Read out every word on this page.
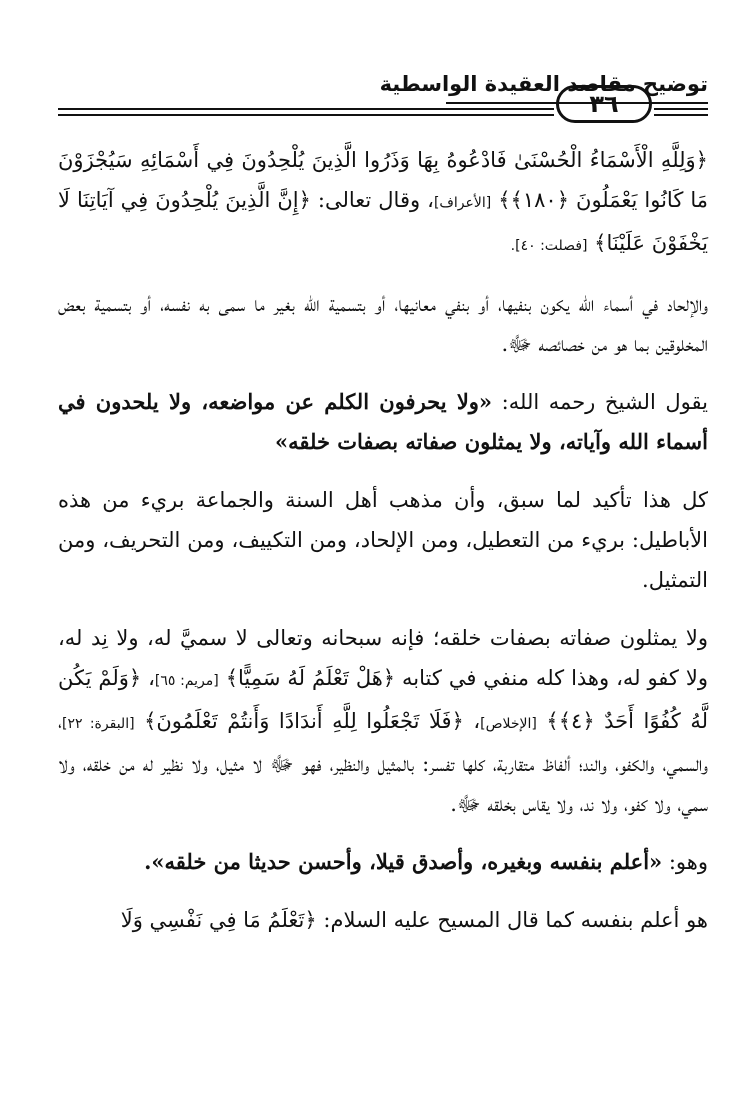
توضيح مقاصد العقيدة الواسطية
٣٦

﴿وَلِلَّهِ الْأَسْمَاءُ الْحُسْنَىٰ فَادْعُوهُ بِهَا وَذَرُوا الَّذِينَ يُلْحِدُونَ فِي أَسْمَائِهِ سَيُجْزَوْنَ مَا كَانُوا يَعْمَلُونَ ﴿١٨٠﴾﴾ [الأعراف]، وقال تعالى: ﴿إِنَّ الَّذِينَ يُلْحِدُونَ فِي آيَاتِنَا لَا يَخْفَوْنَ عَلَيْنَا﴾ [فصلت: ٤٠].

والإلحاد في أسماء الله يكون بنفيها، أو بنفي معانيها، أو بتسمية الله بغير ما سمى به نفسه، أو بتسمية بعض المخلوقين بما هو من خصائصه ﷻ.

يقول الشيخ رحمه الله: «ولا يحرفون الكلم عن مواضعه، ولا يلحدون في أسماء الله وآياته، ولا يمثلون صفاته بصفات خلقه»

كل هذا تأكيد لما سبق، وأن مذهب أهل السنة والجماعة بريء من هذه الأباطيل: بريء من التعطيل، ومن الإلحاد، ومن التكييف، ومن التحريف، ومن التمثيل.

ولا يمثلون صفاته بصفات خلقه؛ فإنه سبحانه وتعالى لا سميَّ له، ولا نِد له، ولا كفو له، وهذا كله منفي في كتابه ﴿هَلْ تَعْلَمُ لَهُ سَمِيًّا﴾ [مريم: ٦٥]، ﴿وَلَمْ يَكُن لَّهُ كُفُوًا أَحَدٌ ﴿٤﴾﴾ [الإخلاص]، ﴿فَلَا تَجْعَلُوا لِلَّهِ أَندَادًا وَأَنتُمْ تَعْلَمُونَ﴾ [البقرة: ٢٢]، والسمي، والكفو، والند؛ ألفاظ متقاربة، كلها تفسر: بالمثيل والنظير، فهو ﷻ لا مثيل، ولا نظير له من خلقه، ولا سمي، ولا كفو، ولا ند، ولا يقاس بخلقه ﷻ.

وهو: «أعلم بنفسه وبغيره، وأصدق قيلا، وأحسن حديثا من خلقه».

هو أعلم بنفسه كما قال المسيح عليه السلام: ﴿تَعْلَمُ مَا فِي نَفْسِي وَلَا
